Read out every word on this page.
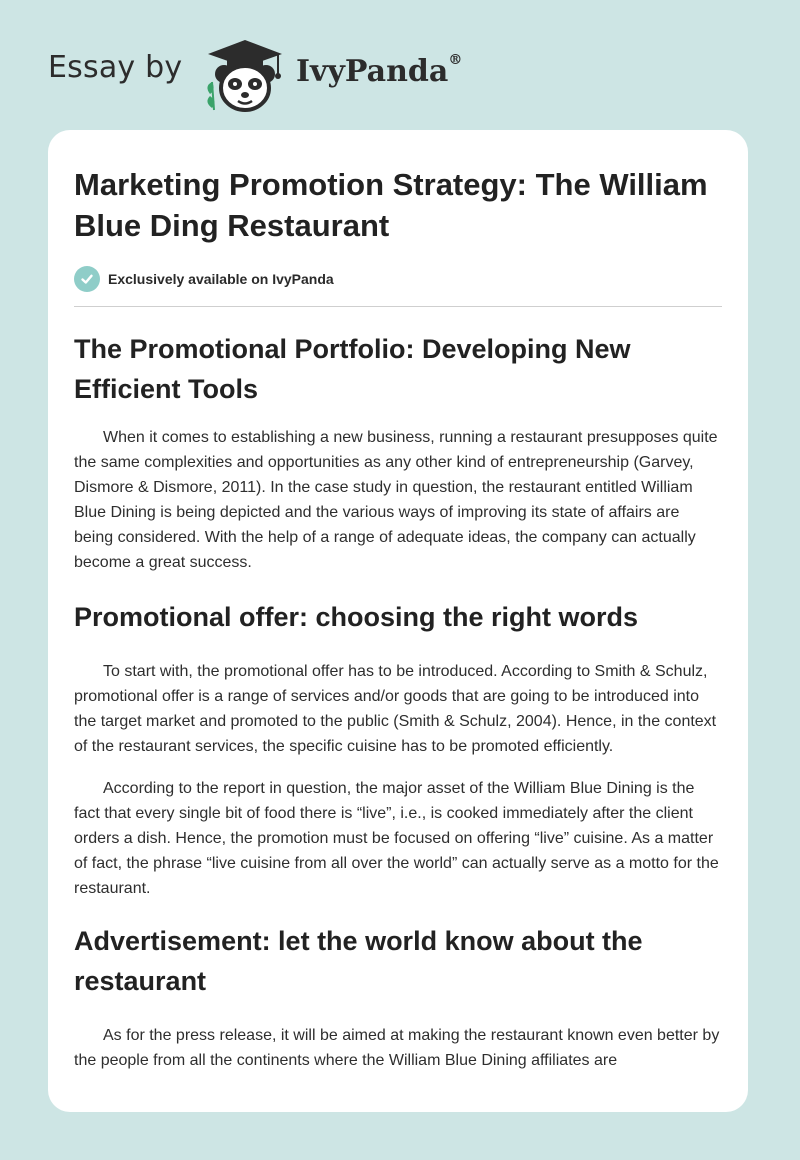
Essay by	IvyPanda®
Marketing Promotion Strategy: The William Blue Ding Restaurant
Exclusively available on IvyPanda
The Promotional Portfolio: Developing New Efficient Tools

When it comes to establishing a new business, running a restaurant presupposes quite the same complexities and opportunities as any other kind of entrepreneurship (Garvey, Dismore & Dismore, 2011). In the case study in question, the restaurant entitled William Blue Dining is being depicted and the various ways of improving its state of affairs are being considered. With the help of a range of adequate ideas, the company can actually become a great success.

Promotional offer: choosing the right words

To start with, the promotional offer has to be introduced. According to Smith & Schulz, promotional offer is a range of services and/or goods that are going to be introduced into the target market and promoted to the public (Smith & Schulz, 2004). Hence, in the context of the restaurant services, the specific cuisine has to be promoted efficiently.

According to the report in question, the major asset of the William Blue Dining is the fact that every single bit of food there is “live”, i.e., is cooked immediately after the client orders a dish. Hence, the promotion must be focused on offering “live” cuisine. As a matter of fact, the phrase “live cuisine from all over the world” can actually serve as a motto for the restaurant.

Advertisement: let the world know about the restaurant

As for the press release, it will be aimed at making the restaurant known even better by the people from all the continents where the William Blue Dining affiliates are
